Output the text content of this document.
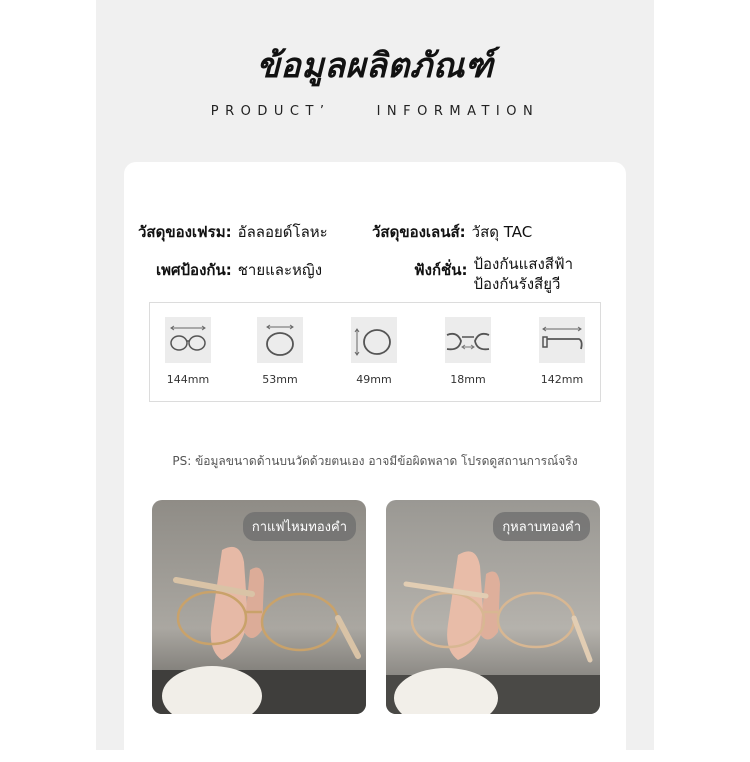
ข้อมูลผลิตภัณฑ์
PRODUCT’	INFORMATION
วัสดุของเฟรม: อัลลอยด์โลหะ	วัสดุของเลนส์: วัสดุ TAC
เพศป้องกัน: ชายและหญิง	ฟังก์ชั่น: ป้องกันแสงสีฟ้า
ป้องกันรังสียูวี
144mm	53mm	49mm	18mm	142mm
PS: ข้อมูลขนาดด้านบนวัดด้วยตนเอง อาจมีข้อผิดพลาด โปรดดูสถานการณ์จริง
กาแฟไหมทองคำ	กุหลาบทองคำ
